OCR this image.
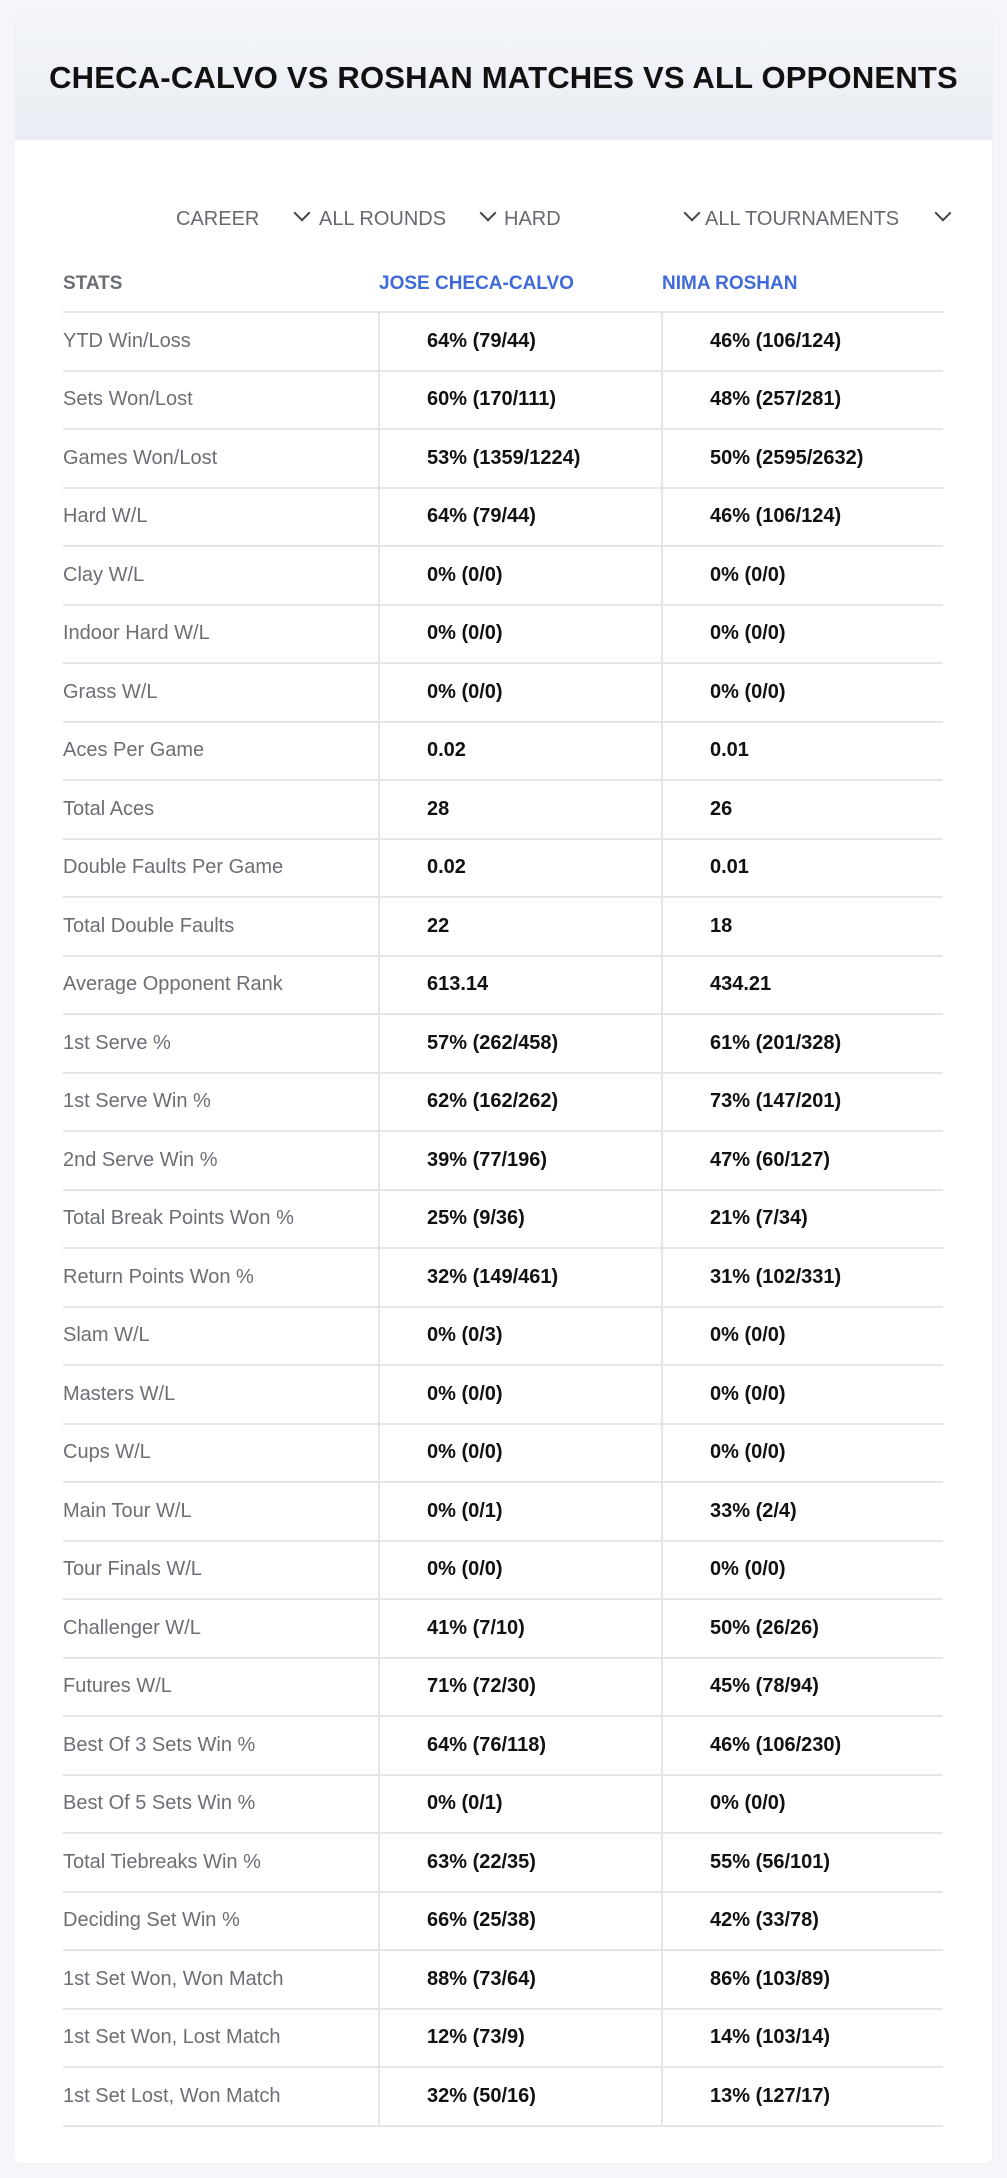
CHECA-CALVO VS ROSHAN MATCHES VS ALL OPPONENTS
CAREER	ALL ROUNDS	HARD	ALL TOURNAMENTS
STATS	JOSE CHECA-CALVO	NIMA ROSHAN
YTD Win/Loss	64% (79/44)	46% (106/124)
Sets Won/Lost	60% (170/111)	48% (257/281)
Games Won/Lost	53% (1359/1224)	50% (2595/2632)
Hard W/L	64% (79/44)	46% (106/124)
Clay W/L	0% (0/0)	0% (0/0)
Indoor Hard W/L	0% (0/0)	0% (0/0)
Grass W/L	0% (0/0)	0% (0/0)
Aces Per Game	0.02	0.01
Total Aces	28	26
Double Faults Per Game	0.02	0.01
Total Double Faults	22	18
Average Opponent Rank	613.14	434.21
1st Serve %	57% (262/458)	61% (201/328)
1st Serve Win %	62% (162/262)	73% (147/201)
2nd Serve Win %	39% (77/196)	47% (60/127)
Total Break Points Won %	25% (9/36)	21% (7/34)
Return Points Won %	32% (149/461)	31% (102/331)
Slam W/L	0% (0/3)	0% (0/0)
Masters W/L	0% (0/0)	0% (0/0)
Cups W/L	0% (0/0)	0% (0/0)
Main Tour W/L	0% (0/1)	33% (2/4)
Tour Finals W/L	0% (0/0)	0% (0/0)
Challenger W/L	41% (7/10)	50% (26/26)
Futures W/L	71% (72/30)	45% (78/94)
Best Of 3 Sets Win %	64% (76/118)	46% (106/230)
Best Of 5 Sets Win %	0% (0/1)	0% (0/0)
Total Tiebreaks Win %	63% (22/35)	55% (56/101)
Deciding Set Win %	66% (25/38)	42% (33/78)
1st Set Won, Won Match	88% (73/64)	86% (103/89)
1st Set Won, Lost Match	12% (73/9)	14% (103/14)
1st Set Lost, Won Match	32% (50/16)	13% (127/17)
